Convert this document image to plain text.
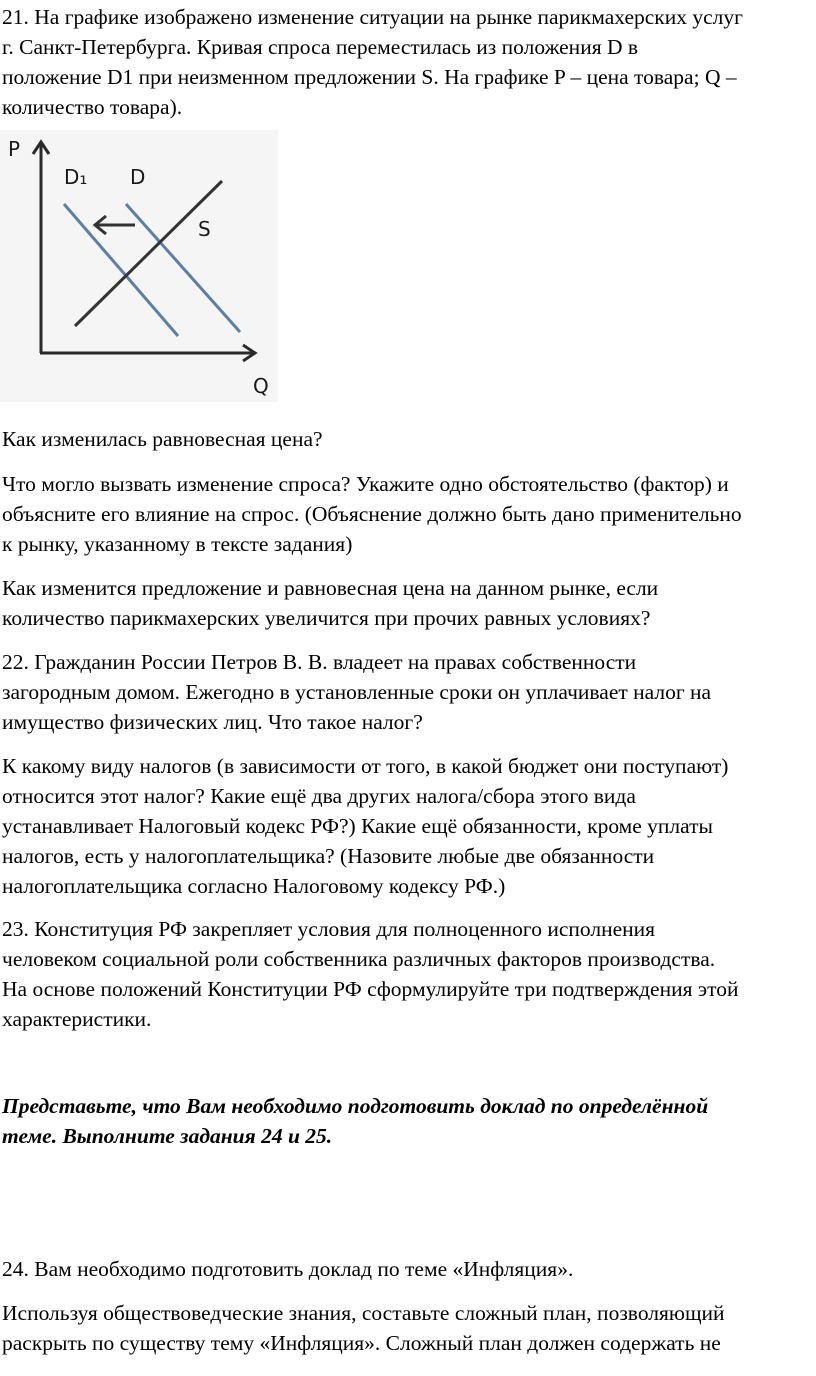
21. На графике изображено изменение ситуации на рынке парикмахерских услуг
г. Санкт-Петербурга. Кривая спроса переместилась из положения D в
положение D1 при неизменном предложении S. На графике P – цена товара; Q –
количество товара).

P
Q
D₁ D
S

Как изменилась равновесная цена?

Что могло вызвать изменение спроса? Укажите одно обстоятельство (фактор) и
объясните его влияние на спрос. (Объяснение должно быть дано применительно
к рынку, указанному в тексте задания)

Как изменится предложение и равновесная цена на данном рынке, если
количество парикмахерских увеличится при прочих равных условиях?

22. Гражданин России Петров В. В. владеет на правах собственности
загородным домом. Ежегодно в установленные сроки он уплачивает налог на
имущество физических лиц. Что такое налог?

К какому виду налогов (в зависимости от того, в какой бюджет они поступают)
относится этот налог? Какие ещё два других налога/сбора этого вида
устанавливает Налоговый кодекс РФ?) Какие ещё обязанности, кроме уплаты
налогов, есть у налогоплательщика? (Назовите любые две обязанности
налогоплательщика согласно Налоговому кодексу РФ.)

23. Конституция РФ закрепляет условия для полноценного исполнения
человеком социальной роли собственника различных факторов производства.
На основе положений Конституции РФ сформулируйте три подтверждения этой
характеристики.

Представьте, что Вам необходимо подготовить доклад по определённой
теме. Выполните задания 24 и 25.

24. Вам необходимо подготовить доклад по теме «Инфляция».

Используя обществоведческие знания, составьте сложный план, позволяющий
раскрыть по существу тему «Инфляция». Сложный план должен содержать не
